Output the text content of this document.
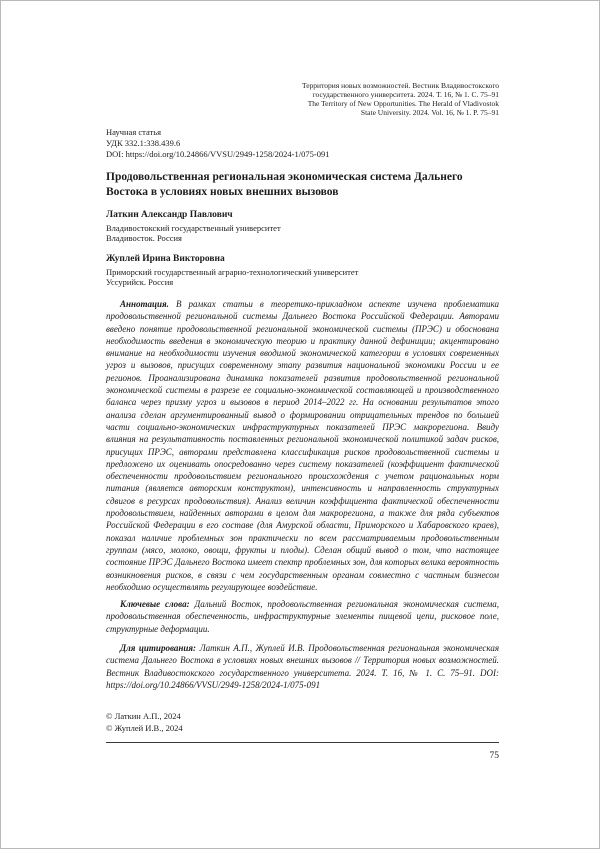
Территория новых возможностей. Вестник Владивостокского
государственного университета. 2024. Т. 16, № 1. С. 75–91
The Territory of New Opportunities. The Herald of Vladivostok
State University. 2024. Vol. 16, № 1. P. 75–91
Научная статья
УДК 332.1:338.439.6
DOI: https://doi.org/10.24866/VVSU/2949-1258/2024-1/075-091
Продовольственная региональная экономическая система Дальнего Востока в условиях новых внешних вызовов
Латкин Александр Павлович
Владивостокский государственный университет
Владивосток. Россия
Жуплей Ирина Викторовна
Приморский государственный аграрно-технологический университет
Уссурийск. Россия

Аннотация. В рамках статьи в теоретико-прикладном аспекте изучена проблематика продовольственной региональной системы Дальнего Востока Российской Федерации. Авторами введено понятие продовольственной региональной экономической системы (ПРЭС) и обоснована необходимость введения в экономическую теорию и практику данной дефиниции; акцентировано внимание на необходимости изучения вводимой экономической категории в условиях современных угроз и вызовов, присущих современному этапу развития национальной экономики России и ее регионов. Проанализирована динамика показателей развития продовольственной региональной экономической системы в разрезе ее социально-экономической составляющей и производственного баланса через призму угроз и вызовов в период 2014–2022 гг. На основании результатов этого анализа сделан аргументированный вывод о формировании отрицательных трендов по большей части социально-экономических инфраструктурных показателей ПРЭС макрорегиона. Ввиду влияния на результативность поставленных региональной экономической политикой задач рисков, присущих ПРЭС, авторами представлена классификация рисков продовольственной системы и предложено их оценивать опосредованно через систему показателей (коэффициент фактической обеспеченности продовольствием регионального происхождения с учетом рациональных норм питания (является авторским конструктом), интенсивность и направленность структурных сдвигов в ресурсах продовольствия). Анализ величин коэффициента фактической обеспеченности продовольствием, найденных авторами в целом для макрорегиона, а также для ряда субъектов Российской Федерации в его составе (для Амурской области, Приморского и Хабаровского краев), показал наличие проблемных зон практически по всем рассматриваемым продовольственным группам (мясо, молоко, овощи, фрукты и плоды). Сделан общий вывод о том, что настоящее состояние ПРЭС Дальнего Востока имеет спектр проблемных зон, для которых велика вероятность возникновения рисков, в связи с чем государственным органам совместно с частным бизнесом необходимо осуществлять регулирующее воздействие.

Ключевые слова: Дальний Восток, продовольственная региональная экономическая система, продовольственная обеспеченность, инфраструктурные элементы пищевой цепи, рисковое поле, структурные деформации.

Для цитирования: Латкин А.П., Жуплей И.В. Продовольственная региональная экономическая система Дальнего Востока в условиях новых внешних вызовов // Территория новых возможностей. Вестник Владивостокского государственного университета. 2024. Т. 16, № 1. С. 75–91. DOI: https://doi.org/10.24866/VVSU/2949-1258/2024-1/075-091

© Латкин А.П., 2024
© Жуплей И.В., 2024
75
